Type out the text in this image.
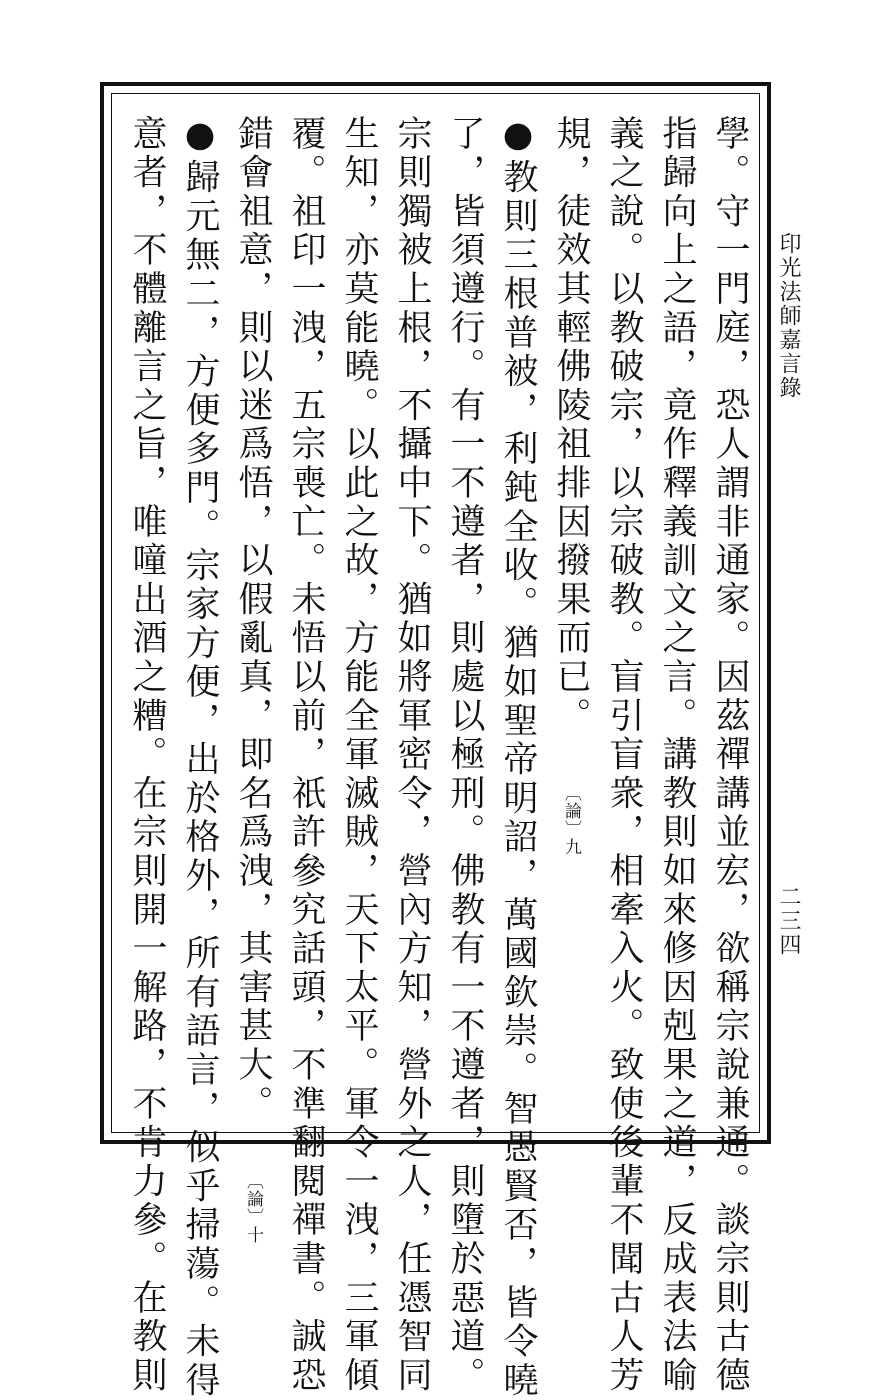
印光法師嘉言錄
二三四
學。守一門庭，恐人謂非通家。因茲禪講並宏，欲稱宗說兼通。談宗則古德
指歸向上之語，竟作釋義訓文之言。講教則如來修因剋果之道，反成表法喻
義之說。以教破宗，以宗破教。盲引盲衆，相牽入火。致使後輩不聞古人芳
規，徒效其輕佛陵祖排因撥果而已。 〔論〕九
●教則三根普被，利鈍全收。猶如聖帝明詔，萬國欽崇。智愚賢否，皆令曉
了，皆須遵行。有一不遵者，則處以極刑。佛教有一不遵者，則墮於惡道。
宗則獨被上根，不攝中下。猶如將軍密令，營內方知，營外之人，任憑智同
生知，亦莫能曉。以此之故，方能全軍滅賊，天下太平。軍令一洩，三軍傾
覆。祖印一洩，五宗喪亡。未悟以前，祇許參究話頭，不準翻閱禪書。誠恐
錯會祖意，則以迷爲悟，以假亂真，即名爲洩，其害甚大。 〔論〕十
●歸元無二，方便多門。宗家方便，出於格外，所有語言，似乎掃蕩。未得
意者，不體離言之旨，唯噇出酒之糟。在宗則開一解路，不肯力參。在教則
